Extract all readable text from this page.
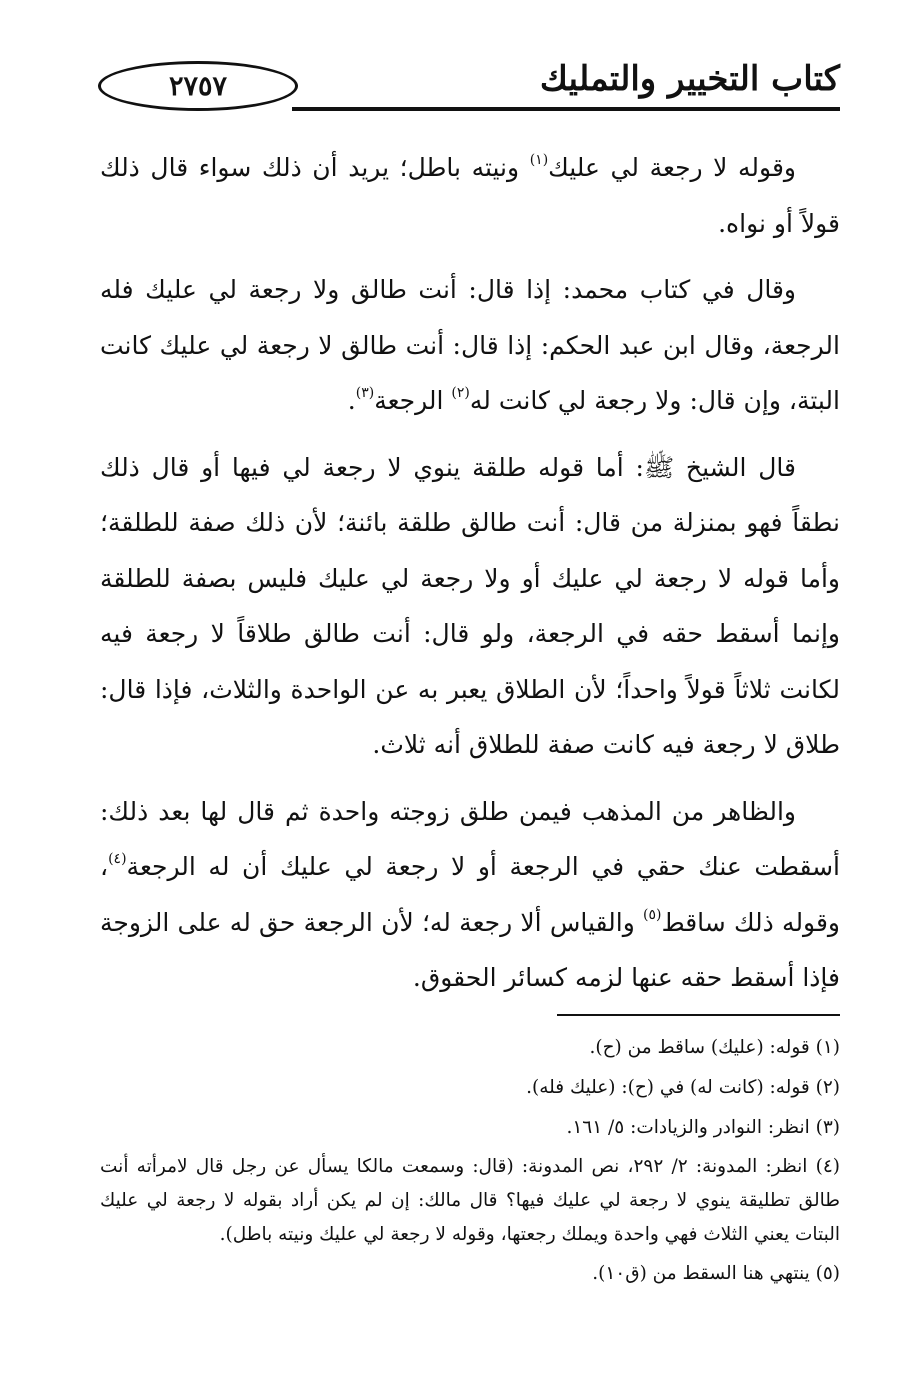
٢٧٥٧	كتاب التخيير والتمليك

وقوله لا رجعة لي عليك$^{(١)}$ ونيته باطل؛ يريد أن ذلك سواء قال ذلك قولاً أو نواه.

وقال في كتاب محمد: إذا قال: أنت طالق ولا رجعة لي عليك فله الرجعة، وقال ابن عبد الحكم: إذا قال: أنت طالق لا رجعة لي عليك كانت البتة، وإن قال: ولا رجعة لي كانت له$^{(٢)}$ الرجعة$^{(٣)}$.

قال الشيخ ﷺ: أما قوله طلقة ينوي لا رجعة لي فيها أو قال ذلك نطقاً فهو بمنزلة من قال: أنت طالق طلقة بائنة؛ لأن ذلك صفة للطلقة؛ وأما قوله لا رجعة لي عليك أو ولا رجعة لي عليك فليس بصفة للطلقة وإنما أسقط حقه في الرجعة، ولو قال: أنت طالق طلاقاً لا رجعة فيه لكانت ثلاثاً قولاً واحداً؛ لأن الطلاق يعبر به عن الواحدة والثلاث، فإذا قال: طلاق لا رجعة فيه كانت صفة للطلاق أنه ثلاث.

والظاهر من المذهب فيمن طلق زوجته واحدة ثم قال لها بعد ذلك: أسقطت عنك حقي في الرجعة أو لا رجعة لي عليك أن له الرجعة$^{(٤)}$، وقوله ذلك ساقط$^{(٥)}$ والقياس ألا رجعة له؛ لأن الرجعة حق له على الزوجة فإذا أسقط حقه عنها لزمه كسائر الحقوق.

(١) قوله: (عليك) ساقط من (ح).
(٢) قوله: (كانت له) في (ح): (عليك فله).
(٣) انظر: النوادر والزيادات: ٥/ ١٦١.
(٤) انظر: المدونة: ٢/ ٢٩٢، نص المدونة: (قال: وسمعت مالكا يسأل عن رجل قال لامرأته أنت طالق تطليقة ينوي لا رجعة لي عليك فيها؟ قال مالك: إن لم يكن أراد بقوله لا رجعة لي عليك البتات يعني الثلاث فهي واحدة ويملك رجعتها، وقوله لا رجعة لي عليك ونيته باطل).
(٥) ينتهي هنا السقط من (ق١٠).
